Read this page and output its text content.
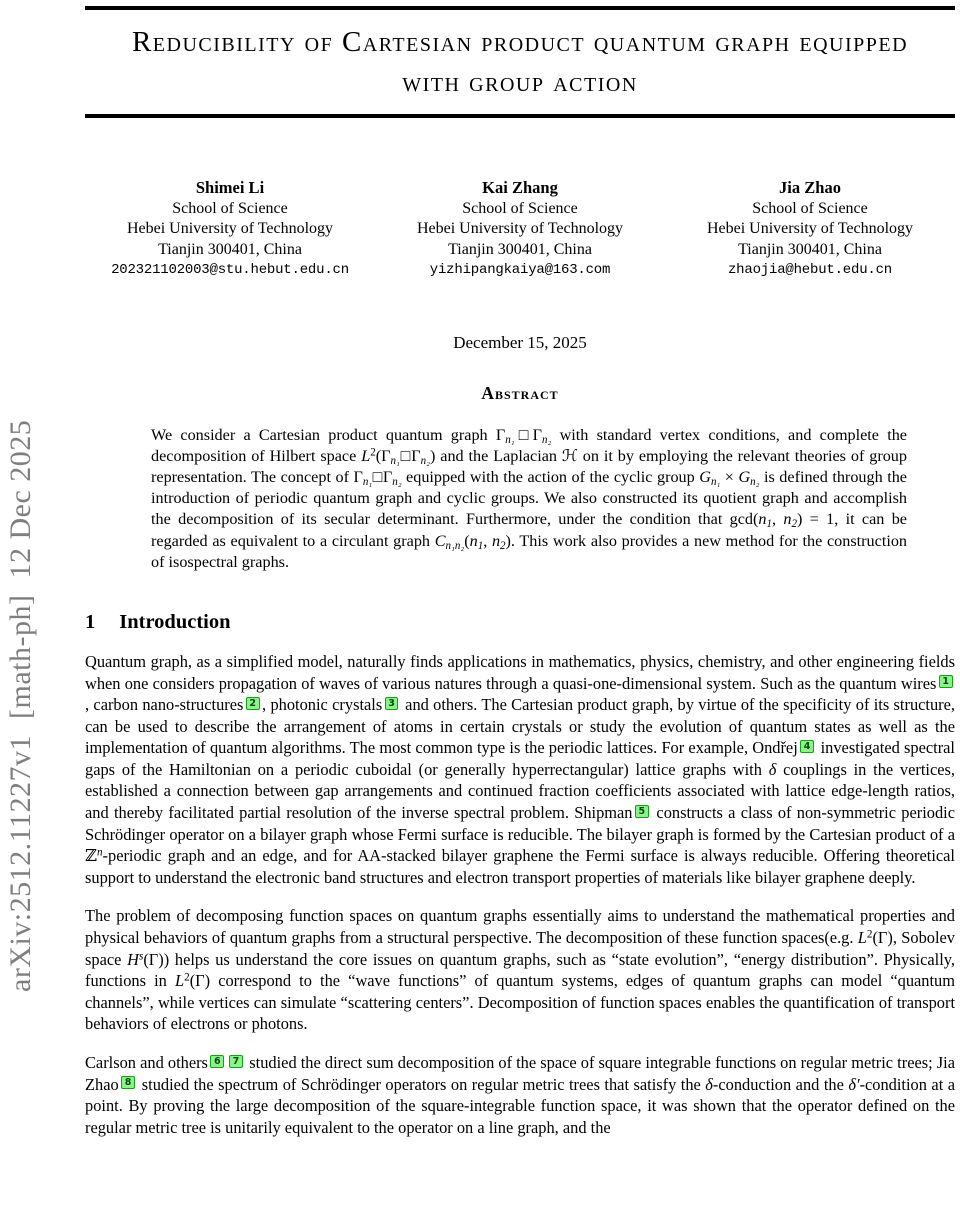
arXiv:2512.11227v1  [math-ph]  12 Dec 2025
Reducibility of Cartesian product quantum graph equipped
with group action
Shimei Li
School of Science
Hebei University of Technology
Tianjin 300401, China
202321102003@stu.hebut.edu.cn
Kai Zhang
School of Science
Hebei University of Technology
Tianjin 300401, China
yizhipangkaiya@163.com
Jia Zhao
School of Science
Hebei University of Technology
Tianjin 300401, China
zhaojia@hebut.edu.cn
December 15, 2025
Abstract
We consider a Cartesian product quantum graph $\Gamma_{n_1}□\Gamma_{n_2}$ with standard vertex conditions, and complete the decomposition of Hilbert space $L^2(\Gamma_{n_1}□\Gamma_{n_2})$ and the Laplacian ℋ on it by employing the relevant theories of group representation. The concept of $\Gamma_{n_1}□\Gamma_{n_2}$ equipped with the action of the cyclic group $G_{n_1} \times G_{n_2}$ is defined through the introduction of periodic quantum graph and cyclic groups. We also constructed its quotient graph and accomplish the decomposition of its secular determinant. Furthermore, under the condition that $\gcd(n_1$, $n_2) = 1$, it can be regarded as equivalent to a circulant graph $C_{n_1n_2}(n_1$, $n_2$). This work also provides a new method for the construction of isospectral graphs.
1 Introduction
Quantum graph, as a simplified model, naturally finds applications in mathematics, physics, chemistry, and other engineering fields when one considers propagation of waves of various natures through a quasi-one-dimensional system. Such as the quantum wires 1, carbon nano-structures 2 , photonic crystals 3 and others. The Cartesian product graph, by virtue of the specificity of its structure, can be used to describe the arrangement of atoms in certain crystals or study the evolution of quantum states as well as the implementation of quantum algorithms. The most common type is the periodic lattices. For example, Ondřej 4 investigated spectral gaps of the Hamiltonian on a periodic cuboidal (or generally hyperrectangular) lattice graphs with δ couplings in the vertices, established a connection between gap arrangements and continued fraction coefficients associated with lattice edge-length ratios, and thereby facilitated partial resolution of the inverse spectral problem. Shipman 5 constructs a class of non-symmetric periodic Schrödinger operator on a bilayer graph whose Fermi surface is reducible. The bilayer graph is formed by the Cartesian product of a ℤ$^n$-periodic graph and an edge, and for AA-stacked bilayer graphene the Fermi surface is always reducible. Offering theoretical support to understand the electronic band structures and electron transport properties of materials like bilayer graphene deeply.
The problem of decomposing function spaces on quantum graphs essentially aims to understand the mathematical properties and physical behaviors of quantum graphs from a structural perspective. The decomposition of these function spaces(e.g. $L^2(\Gamma)$, Sobolev space $H^s(\Gamma)$) helps us understand the core issues on quantum graphs, such as “state evolution”, “energy distribution”. Physically, functions in $L^2(\Gamma)$ correspond to the “wave functions” of quantum systems, edges of quantum graphs can model “quantum channels”, while vertices can simulate “scattering centers”. Decomposition of function spaces enables the quantification of transport behaviors of electrons or photons.
Carlson and others 6 7 studied the direct sum decomposition of the space of square integrable functions on regular metric trees; Jia Zhao 8 studied the spectrum of Schrödinger operators on regular metric trees that satisfy the δ-conduction and the δ′-condition at a point. By proving the large decomposition of the square-integrable function space, it was shown that the operator defined on the regular metric tree is unitarily equivalent to the operator on a line graph, and the
